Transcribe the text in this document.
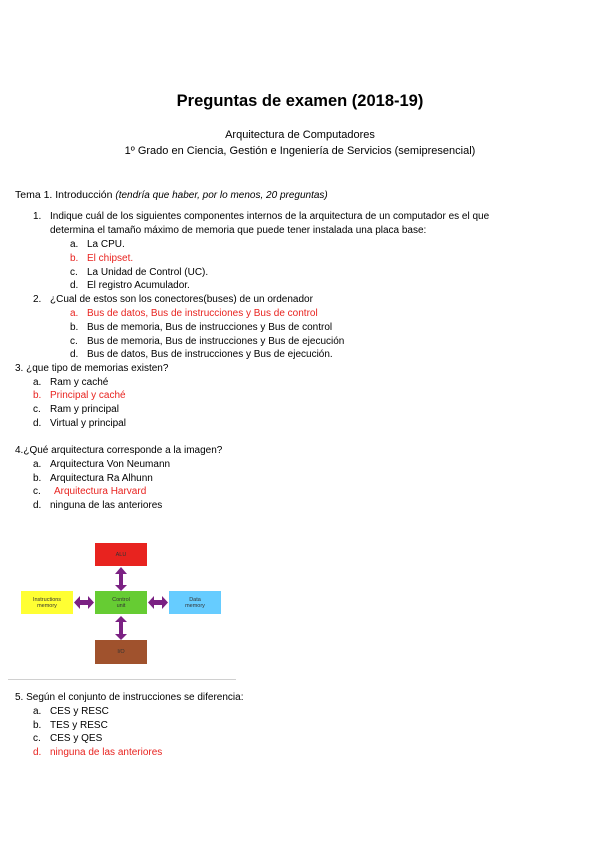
Preguntas de examen (2018-19)
Arquitectura de Computadores
1º Grado en Ciencia, Gestión e Ingeniería de Servicios (semipresencial)
Tema 1. Introducción (tendría que haber, por lo menos, 20 preguntas)
1. Indique cuál de los siguientes componentes internos de la arquitectura de un computador es el que
determina el tamaño máximo de memoria que puede tener instalada una placa base:
a. La CPU.
b. El chipset.
c. La Unidad de Control (UC).
d. El registro Acumulador.
2. ¿Cual de estos son los conectores(buses) de un ordenador
a. Bus de datos, Bus de instrucciones y Bus de control
b. Bus de memoria, Bus de instrucciones y Bus de control
c. Bus de memoria, Bus de instrucciones y Bus de ejecución
d. Bus de datos, Bus de instrucciones y Bus de ejecución.
3. ¿que tipo de memorias existen?
a. Ram y caché
b. Principal y caché
c. Ram y principal
d. Virtual y principal
4.¿Qué arquitectura corresponde a la imagen?
a. Arquitectura Von Neumann
b. Arquitectura Ra Alhunn
c. Arquitectura Harvard
d. ninguna de las anteriores
ALU
Instructions
memory
Control
unit
Data
memory
I/O
5. Según el conjunto de instrucciones se diferencia:
a. CES y RESC
b. TES y RESC
c. CES y QES
d. ninguna de las anteriores
